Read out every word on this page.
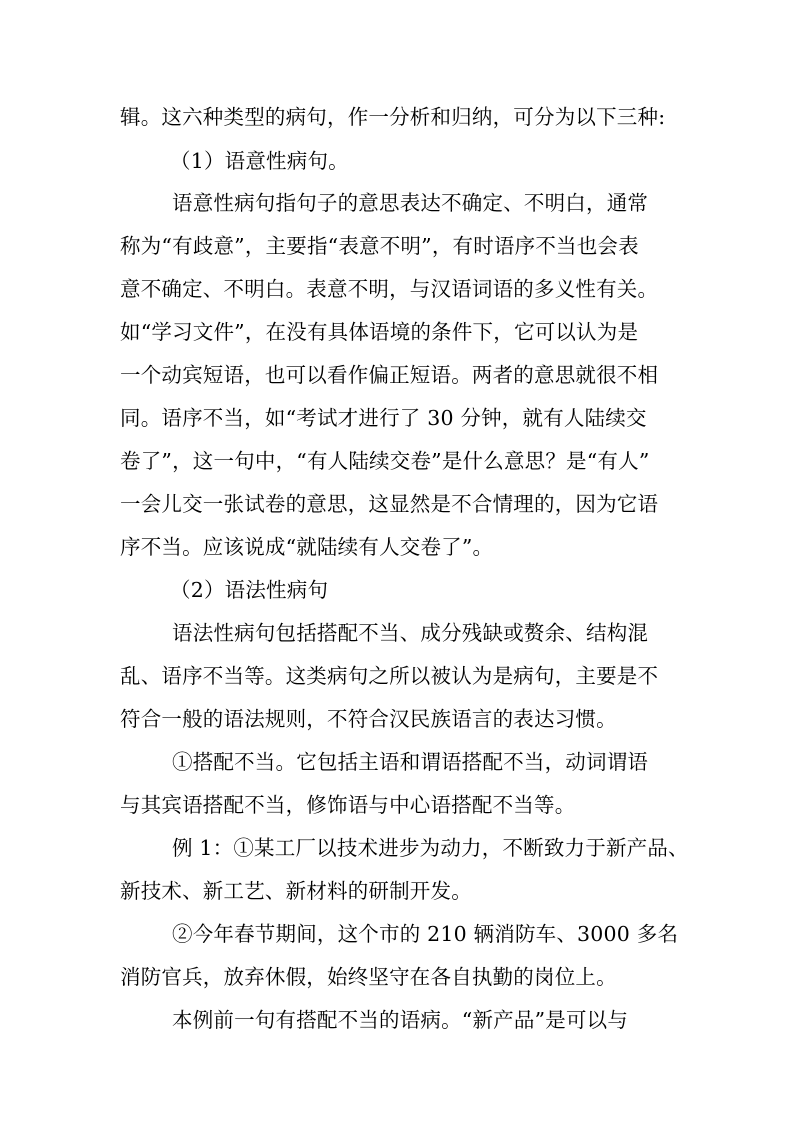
辑。这六种类型的病句，作一分析和归纳，可分为以下三种:
（1）语意性病句。
语意性病句指句子的意思表达不确定、不明白，通常
称为“有歧意”，主要指“表意不明”，有时语序不当也会表
意不确定、不明白。表意不明，与汉语词语的多义性有关。
如“学习文件”，在没有具体语境的条件下，它可以认为是
一个动宾短语，也可以看作偏正短语。两者的意思就很不相
同。语序不当，如“考试才进行了 30 分钟，就有人陆续交
卷了”，这一句中，“有人陆续交卷”是什么意思？是“有人”
一会儿交一张试卷的意思，这显然是不合情理的，因为它语
序不当。应该说成“就陆续有人交卷了”。
（2）语法性病句
语法性病句包括搭配不当、成分残缺或赘余、结构混
乱、语序不当等。这类病句之所以被认为是病句，主要是不
符合一般的语法规则，不符合汉民族语言的表达习惯。
①搭配不当。它包括主语和谓语搭配不当，动词谓语
与其宾语搭配不当，修饰语与中心语搭配不当等。
例 1：①某工厂以技术进步为动力，不断致力于新产品、
新技术、新工艺、新材料的研制开发。
②今年春节期间，这个市的 210 辆消防车、3000 多名
消防官兵，放弃休假，始终坚守在各自执勤的岗位上。
本例前一句有搭配不当的语病。“新产品”是可以与
